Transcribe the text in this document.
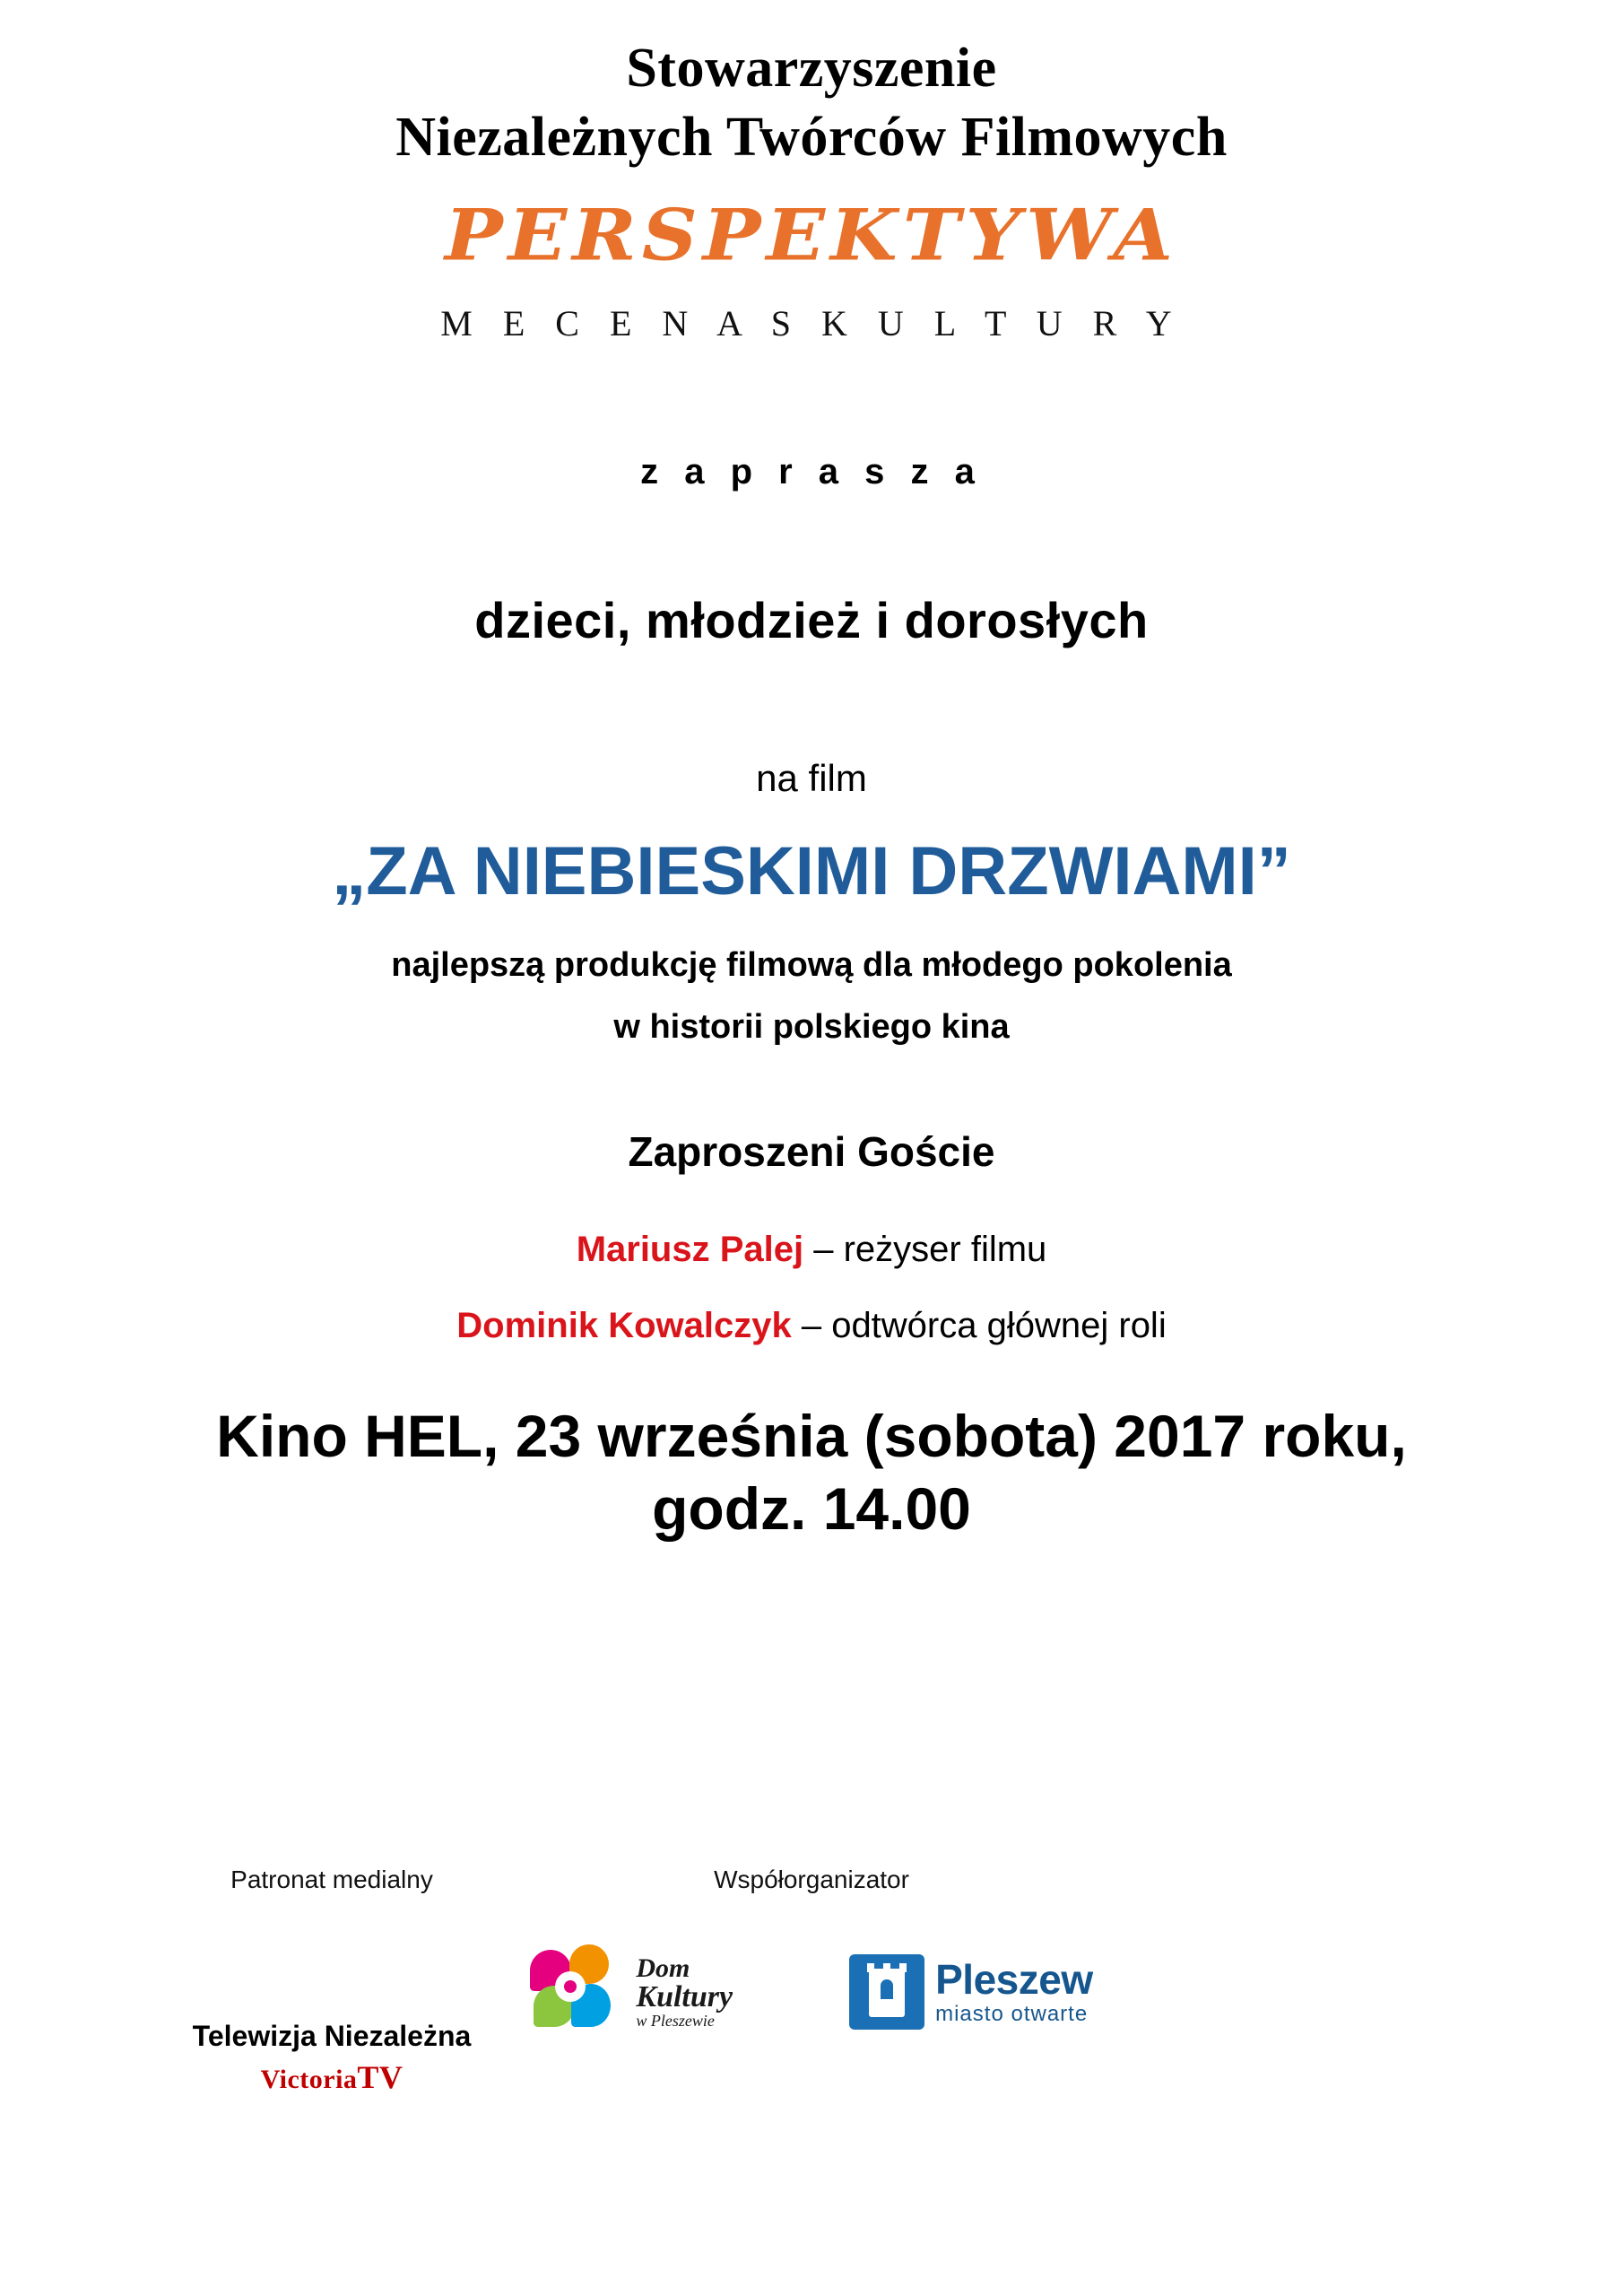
Stowarzyszenie
Niezależnych Twórców Filmowych
PERSPEKTYWA
M E C E N A S K U L T U R Y
z a p r a s z a
dzieci, młodzież i dorosłych
na film
„ZA NIEBIESKIMI DRZWIAMI”
najlepszą produkcję filmową dla młodego pokolenia
w historii polskiego kina
Zaproszeni Goście
Mariusz Palej – reżyser filmu
Dominik Kowalczyk – odtwórca głównej roli
Kino HEL, 23 września (sobota) 2017 roku,
godz. 14.00
Patronat medialny
Telewizja Niezależna
VictoriaTV
Współorganizator
Dom
Kultury
w Pleszewie
Pleszew
miasto otwarte
